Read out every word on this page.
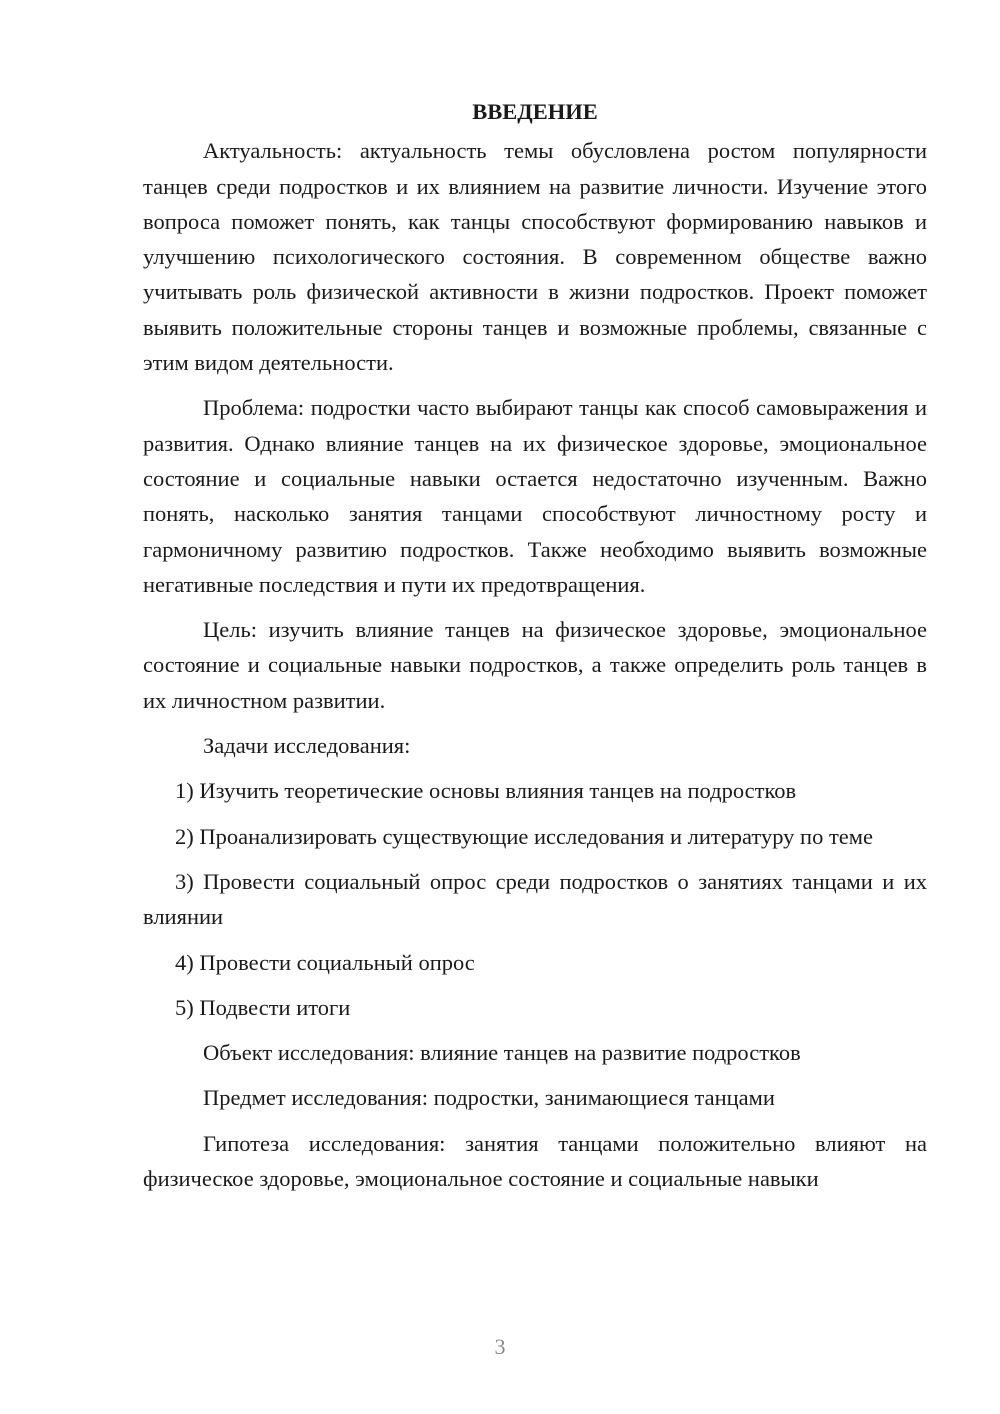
ВВЕДЕНИЕ

Актуальность: актуальность темы обусловлена ростом популярности танцев среди подростков и их влиянием на развитие личности. Изучение этого вопроса поможет понять, как танцы способствуют формированию навыков и улучшению психологического состояния. В современном обществе важно учитывать роль физической активности в жизни подростков. Проект поможет выявить положительные стороны танцев и возможные проблемы, связанные с этим видом деятельности.

Проблема: подростки часто выбирают танцы как способ самовыражения и развития. Однако влияние танцев на их физическое здоровье, эмоциональное состояние и социальные навыки остается недостаточно изученным. Важно понять, насколько занятия танцами способствуют личностному росту и гармоничному развитию подростков. Также необходимо выявить возможные негативные последствия и пути их предотвращения.

Цель: изучить влияние танцев на физическое здоровье, эмоциональное состояние и социальные навыки подростков, а также определить роль танцев в их личностном развитии.

Задачи исследования:

1) Изучить теоретические основы влияния танцев на подростков

2) Проанализировать существующие исследования и литературу по теме

3) Провести социальный опрос среди подростков о занятиях танцами и их влиянии

4) Провести социальный опрос

5) Подвести итоги

Объект исследования: влияние танцев на развитие подростков

Предмет исследования: подростки, занимающиеся танцами

Гипотеза исследования: занятия танцами положительно влияют на физическое здоровье, эмоциональное состояние и социальные навыки

3
